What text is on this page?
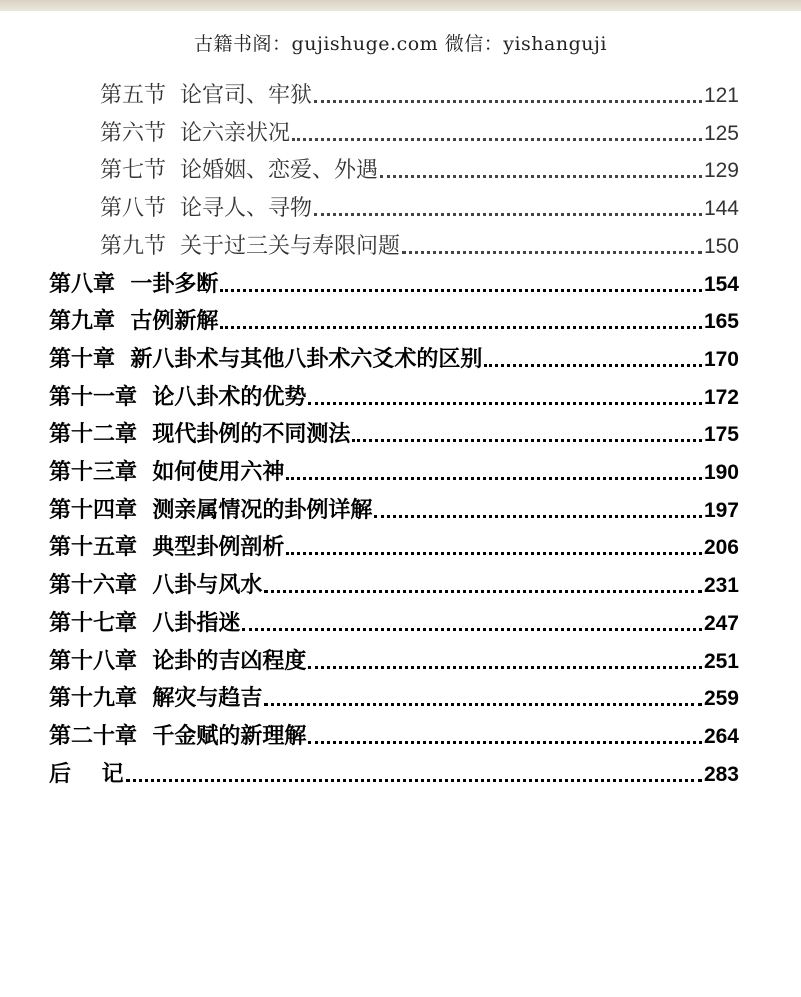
古籍书阁：gujishuge.com 微信：yishanguji
第五节  论官司、牢狱	121
第六节  论六亲状况	125
第七节  论婚姻、恋爱、外遇	129
第八节  论寻人、寻物	144
第九节  关于过三关与寿限问题	150
第八章  一卦多断	154
第九章  古例新解	165
第十章  新八卦术与其他八卦术六爻术的区别	170
第十一章  论八卦术的优势	172
第十二章  现代卦例的不同测法	175
第十三章  如何使用六神	190
第十四章  测亲属情况的卦例详解	197
第十五章  典型卦例剖析	206
第十六章  八卦与风水	231
第十七章  八卦指迷	247
第十八章  论卦的吉凶程度	251
第十九章  解灾与趋吉	259
第二十章  千金赋的新理解	264
后    记	283
